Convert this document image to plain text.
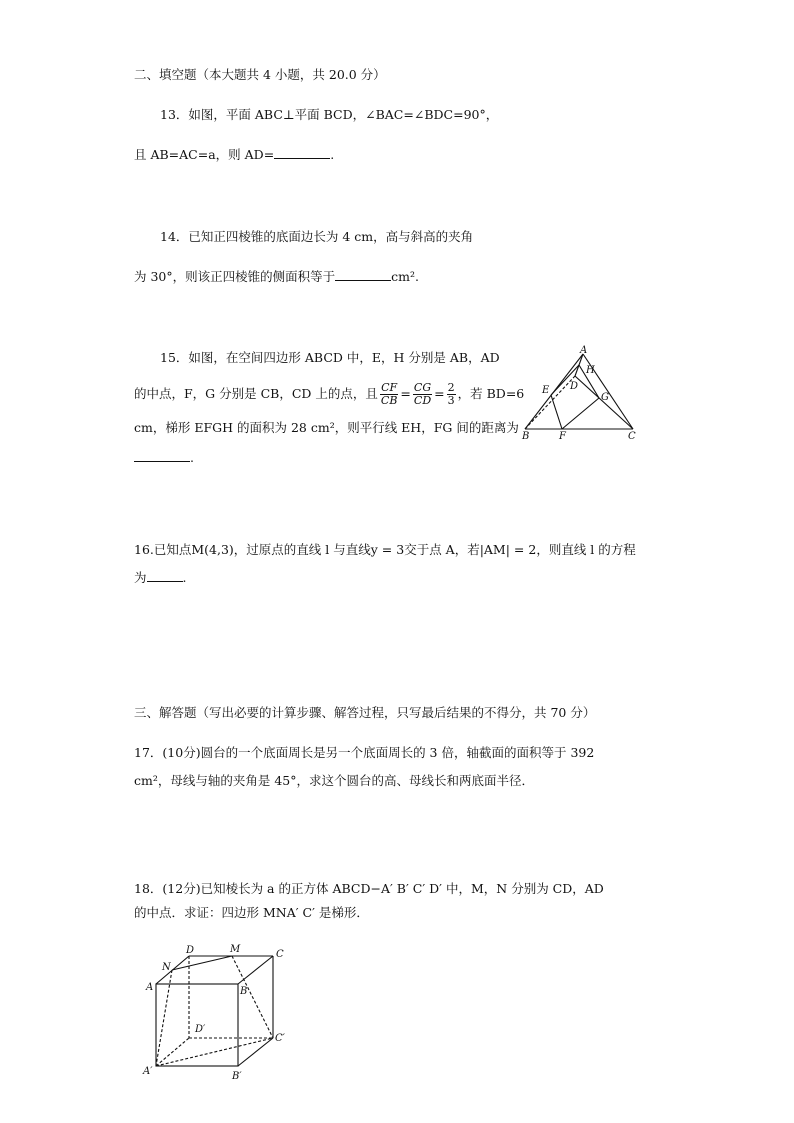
二、填空题（本大题共 4 小题，共 20.0 分）
13．如图，平面 ABC⊥平面 BCD，∠BAC=∠BDC=90°，
且 AB=AC=a，则 AD=	.
14．已知正四棱锥的底面边长为 4 cm，高与斜高的夹角
为 30°，则该正四棱锥的侧面积等于	cm².
15．如图，在空间四边形 ABCD 中，E，H 分别是 AB，AD
的中点，F，G 分别是 CB，CD 上的点，且 $\frac{CF}{CB} = \frac{CG}{CD} = \frac{2}{3}$ ，若 BD=6
cm，梯形 EFGH 的面积为 28 cm²，则平行线 EH，FG 间的距离为
.
A
H
E D
G
B	F	C
16.已知点M(4,3)，过原点的直线 l 与直线y = 3交于点 A，若|AM| = 2，则直线 l 的方程
为	.
三、解答题（写出必要的计算步骤、解答过程，只写最后结果的不得分，共 70 分）
17．(10分)圆台的一个底面周长是另一个底面周长的 3 倍，轴截面的面积等于 392
cm²，母线与轴的夹角是 45°，求这个圆台的高、母线长和两底面半径．
18．(12分)已知棱长为 a 的正方体 ABCD−A′ B′ C′ D′ 中，M，N 分别为 CD，AD
的中点．求证：四边形 MNA′ C′ 是梯形．
D	M	C
N
A	B
D′
C′
A′	B′
